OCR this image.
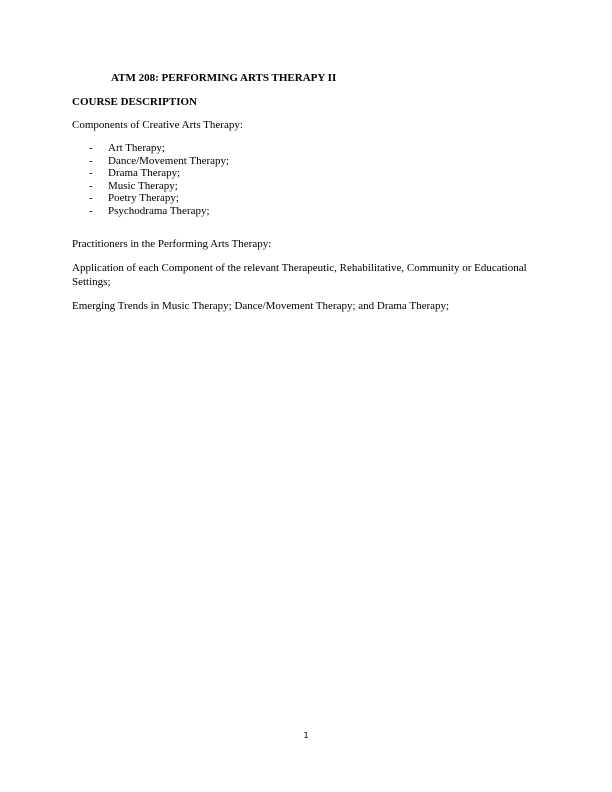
ATM 208: PERFORMING ARTS THERAPY II
COURSE DESCRIPTION
Components of Creative Arts Therapy:
- Art Therapy;
- Dance/Movement Therapy;
- Drama Therapy;
- Music Therapy;
- Poetry Therapy;
- Psychodrama Therapy;
Practitioners in the Performing Arts Therapy:
Application of each Component of the relevant Therapeutic, Rehabilitative, Community or Educational Settings;
Emerging Trends in Music Therapy; Dance/Movement Therapy; and Drama Therapy;
1
